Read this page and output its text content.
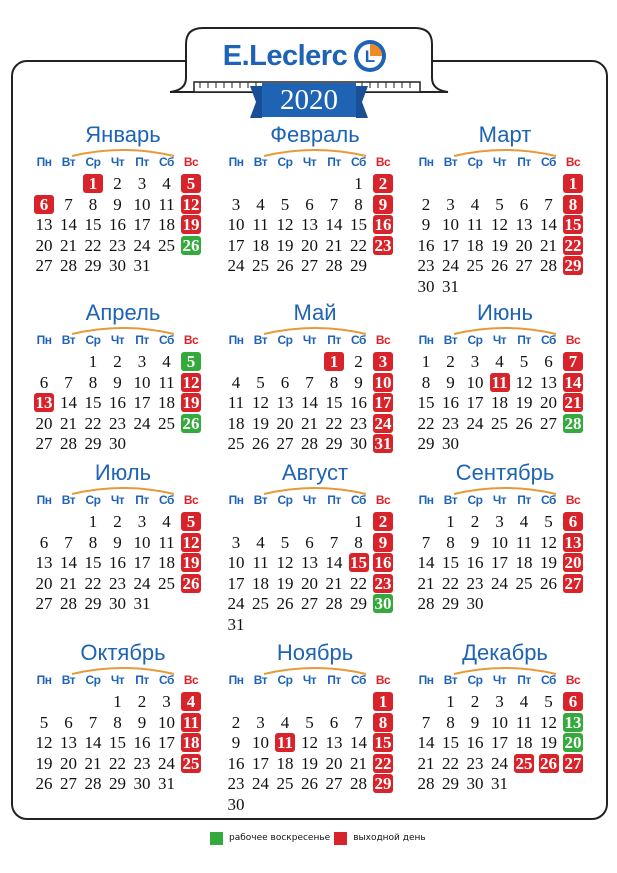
E.Leclerc L
2020
Январь
Пн Вт Ср Чт Пт Сб Вс
1 2 3 4 5
6 7 8 9 10 11 12
13 14 15 16 17 18 19
20 21 22 23 24 25 26
27 28 29 30 31
Февраль
Пн Вт Ср Чт Пт Сб Вс
1 2
3 4 5 6 7 8 9
10 11 12 13 14 15 16
17 18 19 20 21 22 23
24 25 26 27 28 29
Март
Пн Вт Ср Чт Пт Сб Вс
1
2 3 4 5 6 7 8
9 10 11 12 13 14 15
16 17 18 19 20 21 22
23 24 25 26 27 28 29
30 31
Апрель
Пн Вт Ср Чт Пт Сб Вс
1 2 3 4 5
6 7 8 9 10 11 12
13 14 15 16 17 18 19
20 21 22 23 24 25 26
27 28 29 30
Май
Пн Вт Ср Чт Пт Сб Вс
1 2 3
4 5 6 7 8 9 10
11 12 13 14 15 16 17
18 19 20 21 22 23 24
25 26 27 28 29 30 31
Июнь
Пн Вт Ср Чт Пт Сб Вс
1 2 3 4 5 6 7
8 9 10 11 12 13 14
15 16 17 18 19 20 21
22 23 24 25 26 27 28
29 30
Июль
Пн Вт Ср Чт Пт Сб Вс
1 2 3 4 5
6 7 8 9 10 11 12
13 14 15 16 17 18 19
20 21 22 23 24 25 26
27 28 29 30 31
Август
Пн Вт Ср Чт Пт Сб Вс
1 2
3 4 5 6 7 8 9
10 11 12 13 14 15 16
17 18 19 20 21 22 23
24 25 26 27 28 29 30
31
Сентябрь
Пн Вт Ср Чт Пт Сб Вс
1 2 3 4 5 6
7 8 9 10 11 12 13
14 15 16 17 18 19 20
21 22 23 24 25 26 27
28 29 30
Октябрь
Пн Вт Ср Чт Пт Сб Вс
1 2 3 4
5 6 7 8 9 10 11
12 13 14 15 16 17 18
19 20 21 22 23 24 25
26 27 28 29 30 31
Ноябрь
Пн Вт Ср Чт Пт Сб Вс
1
2 3 4 5 6 7 8
9 10 11 12 13 14 15
16 17 18 19 20 21 22
23 24 25 26 27 28 29
30
Декабрь
Пн Вт Ср Чт Пт Сб Вс
1 2 3 4 5 6
7 8 9 10 11 12 13
14 15 16 17 18 19 20
21 22 23 24 25 26 27
28 29 30 31
рабочее воскресенье	выходной день
